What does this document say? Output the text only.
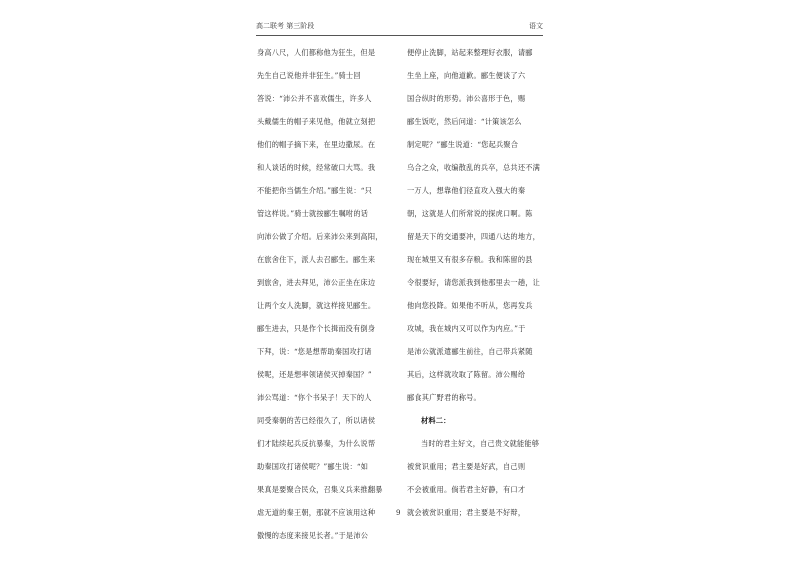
高二联考 第三阶段	语文
身高八尺，人们都称他为狂生，但是
先生自己说他并非狂生。”骑士回
答说：“沛公并不喜欢儒生，许多人
头戴儒生的帽子来见他，他就立刻把
他们的帽子摘下来，在里边撒尿。在
和人谈话的时候，经常破口大骂。我
不能把你当儒生介绍。”郦生说：“只
管这样说。”骑士就按郦生嘱咐的话
向沛公做了介绍。后来沛公来到高阳，
在旅舍住下，派人去召郦生。郦生来
到旅舍，进去拜见，沛公正坐在床边
让两个女人洗脚，就这样接见郦生。
郦生进去，只是作个长揖而没有倒身
下拜，说：“您是想帮助秦国攻打诸
侯呢，还是想率领诸侯灭掉秦国？”
沛公骂道：“你个书呆子！天下的人
同受秦朝的苦已经很久了，所以诸侯
们才陆续起兵反抗暴秦，为什么说帮
助秦国攻打诸侯呢？”郦生说：“如
果真是要聚合民众，召集义兵来推翻暴
虐无道的秦王朝，那就不应该用这种
傲慢的态度来接见长者。”于是沛公
便停止洗脚，站起来整理好衣服，请郦
生坐上座，向他道歉。郦生便谈了六
国合纵时的形势。沛公喜形于色，赐
郦生饭吃，然后问道：“计策该怎么
制定呢？”郦生说道：“您起兵聚合
乌合之众，收编散乱的兵卒，总共还不满
一万人，想靠他们径直攻入强大的秦
朝，这就是人们所常说的探虎口啊。陈
留是天下的交通要冲，四通八达的地方，
现在城里又有很多存粮。我和陈留的县
令很要好，请您派我到他那里去一趟，让
他向您投降。如果他不听从，您再发兵
攻城，我在城内又可以作为内应。”于
是沛公就派遣郦生前往，自己带兵紧随
其后，这样就攻取了陈留。沛公赐给
郦食其广野君的称号。
材料二：
当时的君主好文，自己贵文就能能够
被赏识重用；君主要是好武，自己则
不会被重用。倘若君主好静，有口才
就会被赏识重用；君主要是不好辩，
9
